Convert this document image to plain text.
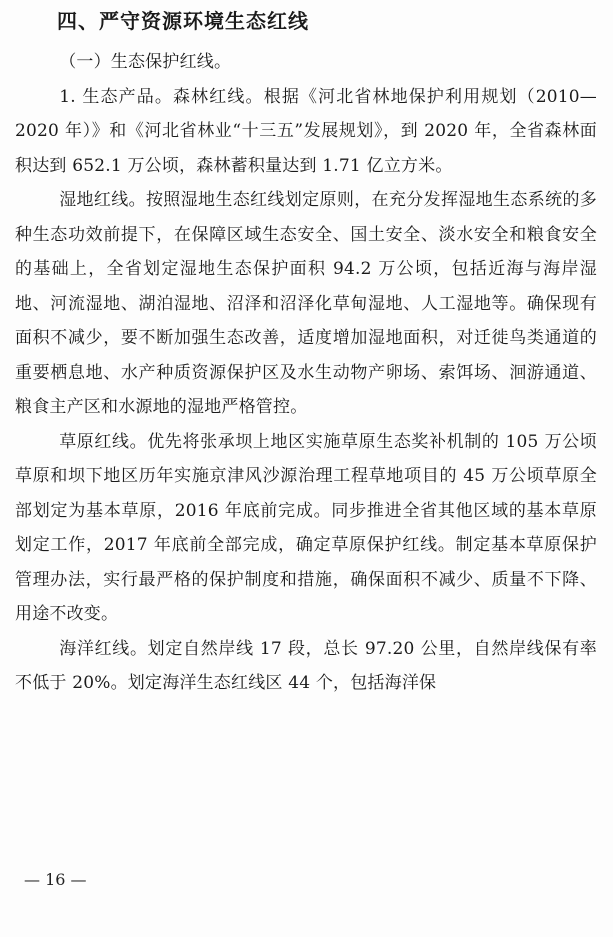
四、严守资源环境生态红线

（一）生态保护红线。

1. 生态产品。森林红线。根据《河北省林地保护利用规划（2010—2020 年）》和《河北省林业“十三五”发展规划》，到 2020 年，全省森林面积达到 652.1 万公顷，森林蓄积量达到 1.71 亿立方米。

湿地红线。按照湿地生态红线划定原则，在充分发挥湿地生态系统的多种生态功效前提下，在保障区域生态安全、国土安全、淡水安全和粮食安全的基础上，全省划定湿地生态保护面积 94.2 万公顷，包括近海与海岸湿地、河流湿地、湖泊湿地、沼泽和沼泽化草甸湿地、人工湿地等。确保现有面积不减少，要不断加强生态改善，适度增加湿地面积，对迁徙鸟类通道的重要栖息地、水产种质资源保护区及水生动物产卵场、索饵场、洄游通道、粮食主产区和水源地的湿地严格管控。

草原红线。优先将张承坝上地区实施草原生态奖补机制的 105 万公顷草原和坝下地区历年实施京津风沙源治理工程草地项目的 45 万公顷草原全部划定为基本草原，2016 年底前完成。同步推进全省其他区域的基本草原划定工作，2017 年底前全部完成，确定草原保护红线。制定基本草原保护管理办法，实行最严格的保护制度和措施，确保面积不减少、质量不下降、用途不改变。

海洋红线。划定自然岸线 17 段，总长 97.20 公里，自然岸线保有率不低于 20%。划定海洋生态红线区 44 个，包括海洋保

— 16 —
